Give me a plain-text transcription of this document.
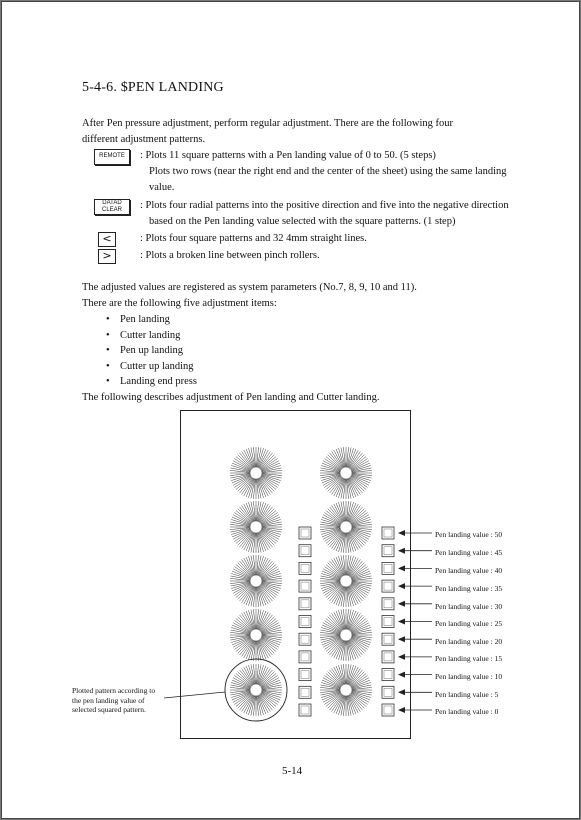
5-4-6. $PEN LANDING
After Pen pressure adjustment, perform regular adjustment. There are the following four
different adjustment patterns.
REMOTE	: Plots 11 square patterns with a Pen landing value of 0 to 50. (5 steps)
Plots two rows (near the right end and the center of the sheet) using the same landing
value.
DATAD
CLEAR	: Plots four radial patterns into the positive direction and five into the negative direction
based on the Pen landing value selected with the square patterns. (1 step)
<	: Plots four square patterns and 32 4mm straight lines.
>	: Plots a broken line between pinch rollers.
The adjusted values are registered as system parameters (No.7, 8, 9, 10 and 11).
There are the following five adjustment items:
• Pen landing
• Cutter landing
• Pen up landing
• Cutter up landing
• Landing end press
The following describes adjustment of Pen landing and Cutter landing.
Pen landing value : 50
Pen landing value : 45
Pen landing value : 40
Pen landing value : 35
Pen landing value : 30
Pen landing value : 25
Pen landing value : 20
Pen landing value : 15
Pen landing value : 10
Pen landing value : 5
Pen landing value : 0
Plotted pattern according to
the pen landing value of
selected squared pattern.
5-14
